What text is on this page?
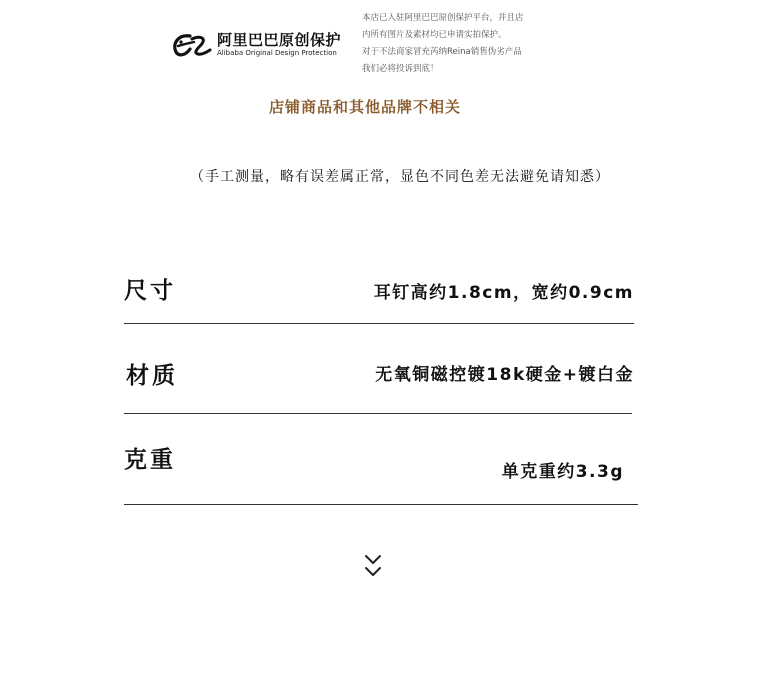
阿里巴巴原创保护
Alibaba Original Design Protection
本店已入驻阿里巴巴原创保护平台，并且店
内所有图片及素材均已申请实拍保护。
对于不法商家冒充芮纳Reina销售伪劣产品
我们必将投诉到底！
店铺商品和其他品牌不相关
（手工测量，略有误差属正常，显色不同色差无法避免请知悉）
尺寸	耳钉高约1.8cm，宽约0.9cm
材质	无氧铜磁控镀18k硬金+镀白金
克重	单克重约3.3g
